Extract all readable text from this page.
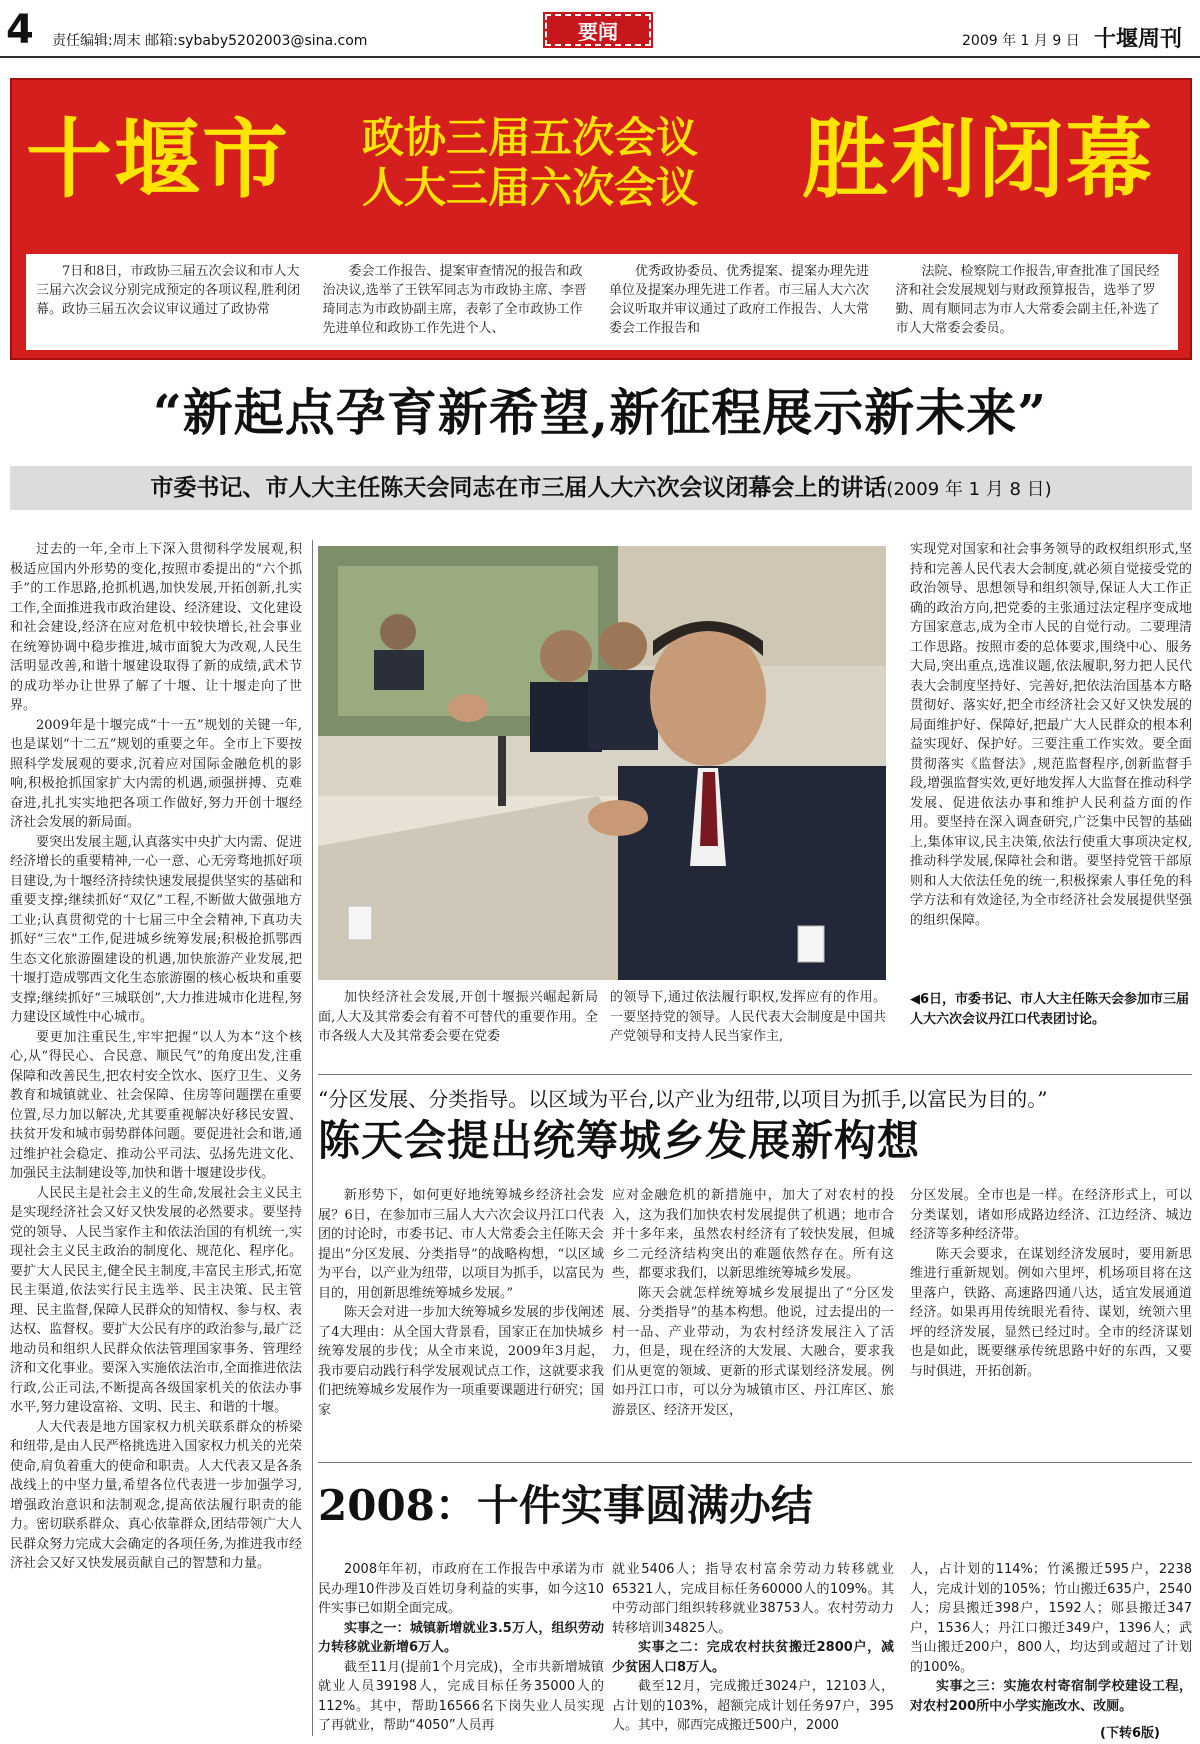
4 责任编辑:周末 邮箱:sybaby5202003@sina.com	要闻	2009 年 1 月 9 日 十堰周刊
十堰市 政协三届五次会议
人大三届六次会议 胜利闭幕
7日和8日，市政协三届五次会议和市人大三届六次会议分别完成预定的各项议程,胜利闭幕。政协三届五次会议审议通过了政协常
委会工作报告、提案审查情况的报告和政治决议,选举了王铁军同志为市政协主席、李晋琦同志为市政协副主席，表彰了全市政协工作先进单位和政协工作先进个人、
优秀政协委员、优秀提案、提案办理先进单位及提案办理先进工作者。市三届人大六次会议听取并审议通过了政府工作报告、人大常委会工作报告和
法院、检察院工作报告,审查批准了国民经济和社会发展规划与财政预算报告，选举了罗勤、周有顺同志为市人大常委会副主任,补选了市人大常委会委员。
“新起点孕育新希望,新征程展示新未来”
市委书记、市人大主任陈天会同志在市三届人大六次会议闭幕会上的讲话(2009 年 1 月 8 日)

过去的一年,全市上下深入贯彻科学发展观,积极适应国内外形势的变化,按照市委提出的“六个抓手”的工作思路,抢抓机遇,加快发展,开拓创新,扎实工作,全面推进我市政治建设、经济建设、文化建设和社会建设,经济在应对危机中较快增长,社会事业在统筹协调中稳步推进,城市面貌大为改观,人民生活明显改善,和谐十堰建设取得了新的成绩,武术节的成功举办让世界了解了十堰、让十堰走向了世界。

2009年是十堰完成“十一五”规划的关键一年,也是谋划“十二五”规划的重要之年。全市上下要按照科学发展观的要求,沉着应对国际金融危机的影响,积极抢抓国家扩大内需的机遇,顽强拼搏、克难奋进,扎扎实实地把各项工作做好,努力开创十堰经济社会发展的新局面。

要突出发展主题,认真落实中央扩大内需、促进经济增长的重要精神,一心一意、心无旁骛地抓好项目建设,为十堰经济持续快速发展提供坚实的基础和重要支撑;继续抓好“双亿”工程,不断做大做强地方工业;认真贯彻党的十七届三中全会精神,下真功夫抓好“三农”工作,促进城乡统筹发展;积极抢抓鄂西生态文化旅游圈建设的机遇,加快旅游产业发展,把十堰打造成鄂西文化生态旅游圈的核心板块和重要支撑;继续抓好“三城联创”,大力推进城市化进程,努力建设区域性中心城市。

要更加注重民生,牢牢把握“以人为本”这个核心,从“得民心、合民意、顺民气”的角度出发,注重保障和改善民生,把农村安全饮水、医疗卫生、义务教育和城镇就业、社会保障、住房等问题摆在重要位置,尽力加以解决,尤其要重视解决好移民安置、扶贫开发和城市弱势群体问题。要促进社会和谐,通过维护社会稳定、推动公平司法、弘扬先进文化、加强民主法制建设等,加快和谐十堰建设步伐。

人民民主是社会主义的生命,发展社会主义民主是实现经济社会又好又快发展的必然要求。要坚持党的领导、人民当家作主和依法治国的有机统一,实现社会主义民主政治的制度化、规范化、程序化。要扩大人民民主,健全民主制度,丰富民主形式,拓宽民主渠道,依法实行民主选举、民主决策、民主管理、民主监督,保障人民群众的知情权、参与权、表达权、监督权。要扩大公民有序的政治参与,最广泛地动员和组织人民群众依法管理国家事务、管理经济和文化事业。要深入实施依法治市,全面推进依法行政,公正司法,不断提高各级国家机关的依法办事水平,努力建设富裕、文明、民主、和谐的十堰。

人大代表是地方国家权力机关联系群众的桥梁和纽带,是由人民严格挑选进入国家权力机关的光荣使命,肩负着重大的使命和职责。人大代表又是各条战线上的中坚力量,希望各位代表进一步加强学习,增强政治意识和法制观念,提高依法履行职责的能力。密切联系群众、真心依靠群众,团结带领广大人民群众努力完成大会确定的各项任务,为推进我市经济社会又好又快发展贡献自己的智慧和力量。

加快经济社会发展,开创十堰振兴崛起新局面,人大及其常委会有着不可替代的重要作用。全市各级人大及其常委会要在党委

的领导下,通过依法履行职权,发挥应有的作用。一要坚持党的领导。人民代表大会制度是中国共产党领导和支持人民当家作主,

实现党对国家和社会事务领导的政权组织形式,坚持和完善人民代表大会制度,就必须自觉接受党的政治领导、思想领导和组织领导,保证人大工作正确的政治方向,把党委的主张通过法定程序变成地方国家意志,成为全市人民的自觉行动。二要理清工作思路。按照市委的总体要求,围绕中心、服务大局,突出重点,选准议题,依法履职,努力把人民代表大会制度坚持好、完善好,把依法治国基本方略贯彻好、落实好,把全市经济社会又好又快发展的局面维护好、保障好,把最广大人民群众的根本利益实现好、保护好。三要注重工作实效。要全面贯彻落实《监督法》,规范监督程序,创新监督手段,增强监督实效,更好地发挥人大监督在推动科学发展、促进依法办事和维护人民利益方面的作用。要坚持在深入调查研究,广泛集中民智的基础上,集体审议,民主决策,依法行使重大事项决定权,推动科学发展,保障社会和谐。要坚持党管干部原则和人大依法任免的统一,积极探索人事任免的科学方法和有效途径,为全市经济社会发展提供坚强的组织保障。

◀6日，市委书记、市人大主任陈天会参加市三届人大六次会议丹江口代表团讨论。
“分区发展、分类指导。以区域为平台,以产业为纽带,以项目为抓手,以富民为目的。”
陈天会提出统筹城乡发展新构想

新形势下，如何更好地统筹城乡经济社会发展？6日，在参加市三届人大六次会议丹江口代表团的讨论时，市委书记、市人大常委会主任陈天会提出“分区发展、分类指导”的战略构想，“以区域为平台，以产业为纽带，以项目为抓手，以富民为目的，用创新思维统筹城乡发展。”

陈天会对进一步加大统筹城乡发展的步伐阐述了4大理由：从全国大背景看，国家正在加快城乡统筹发展的步伐；从全市来说，2009年3月起，我市要启动践行科学发展观试点工作，这就要求我们把统筹城乡发展作为一项重要课题进行研究；国家

应对金融危机的新措施中，加大了对农村的投入，这为我们加快农村发展提供了机遇；地市合并十多年来，虽然农村经济有了较快发展，但城乡二元经济结构突出的难题依然存在。所有这些，都要求我们，以新思维统筹城乡发展。

陈天会就怎样统筹城乡发展提出了“分区发展、分类指导”的基本构想。他说，过去提出的一村一品、产业带动，为农村经济发展注入了活力，但是，现在经济的大发展、大融合，要求我们从更宽的领域、更新的形式谋划经济发展。例如丹江口市，可以分为城镇市区、丹江库区、旅游景区、经济开发区，

分区发展。全市也是一样。在经济形式上，可以分类谋划，诸如形成路边经济、江边经济、城边经济等多种经济带。

陈天会要求，在谋划经济发展时，要用新思维进行重新规划。例如六里坪，机场项目将在这里落户，铁路、高速路四通八达，适宜发展通道经济。如果再用传统眼光看待、谋划，统领六里坪的经济发展，显然已经过时。全市的经济谋划也是如此，既要继承传统思路中好的东西，又要与时俱进，开拓创新。

2008：十件实事圆满办结

2008年年初，市政府在工作报告中承诺为市民办理10件涉及百姓切身利益的实事，如今这10件实事已如期全面完成。

实事之一：城镇新增就业3.5万人，组织劳动力转移就业新增6万人。

截至11月(提前1个月完成)，全市共新增城镇就业人员39198人，完成目标任务35000人的112%。其中，帮助16566名下岗失业人员实现了再就业，帮助“4050”人员再

就业5406人；指导农村富余劳动力转移就业65321人，完成目标任务60000人的109%。其中劳动部门组织转移就业38753人。农村劳动力转移培训34825人。

实事之二：完成农村扶贫搬迁2800户，减少贫困人口8万人。

截至12月，完成搬迁3024户，12103人，占计划的103%，超额完成计划任务97户，395人。其中，郧西完成搬迁500户，2000

人，占计划的114%；竹溪搬迁595户，2238人，完成计划的105%；竹山搬迁635户，2540人；房县搬迁398户，1592人；郧县搬迁347户，1536人；丹江口搬迁349户，1396人；武当山搬迁200户，800人，均达到或超过了计划的100%。

实事之三：实施农村寄宿制学校建设工程，对农村200所中小学实施改水、改厕。

(下转6版)
